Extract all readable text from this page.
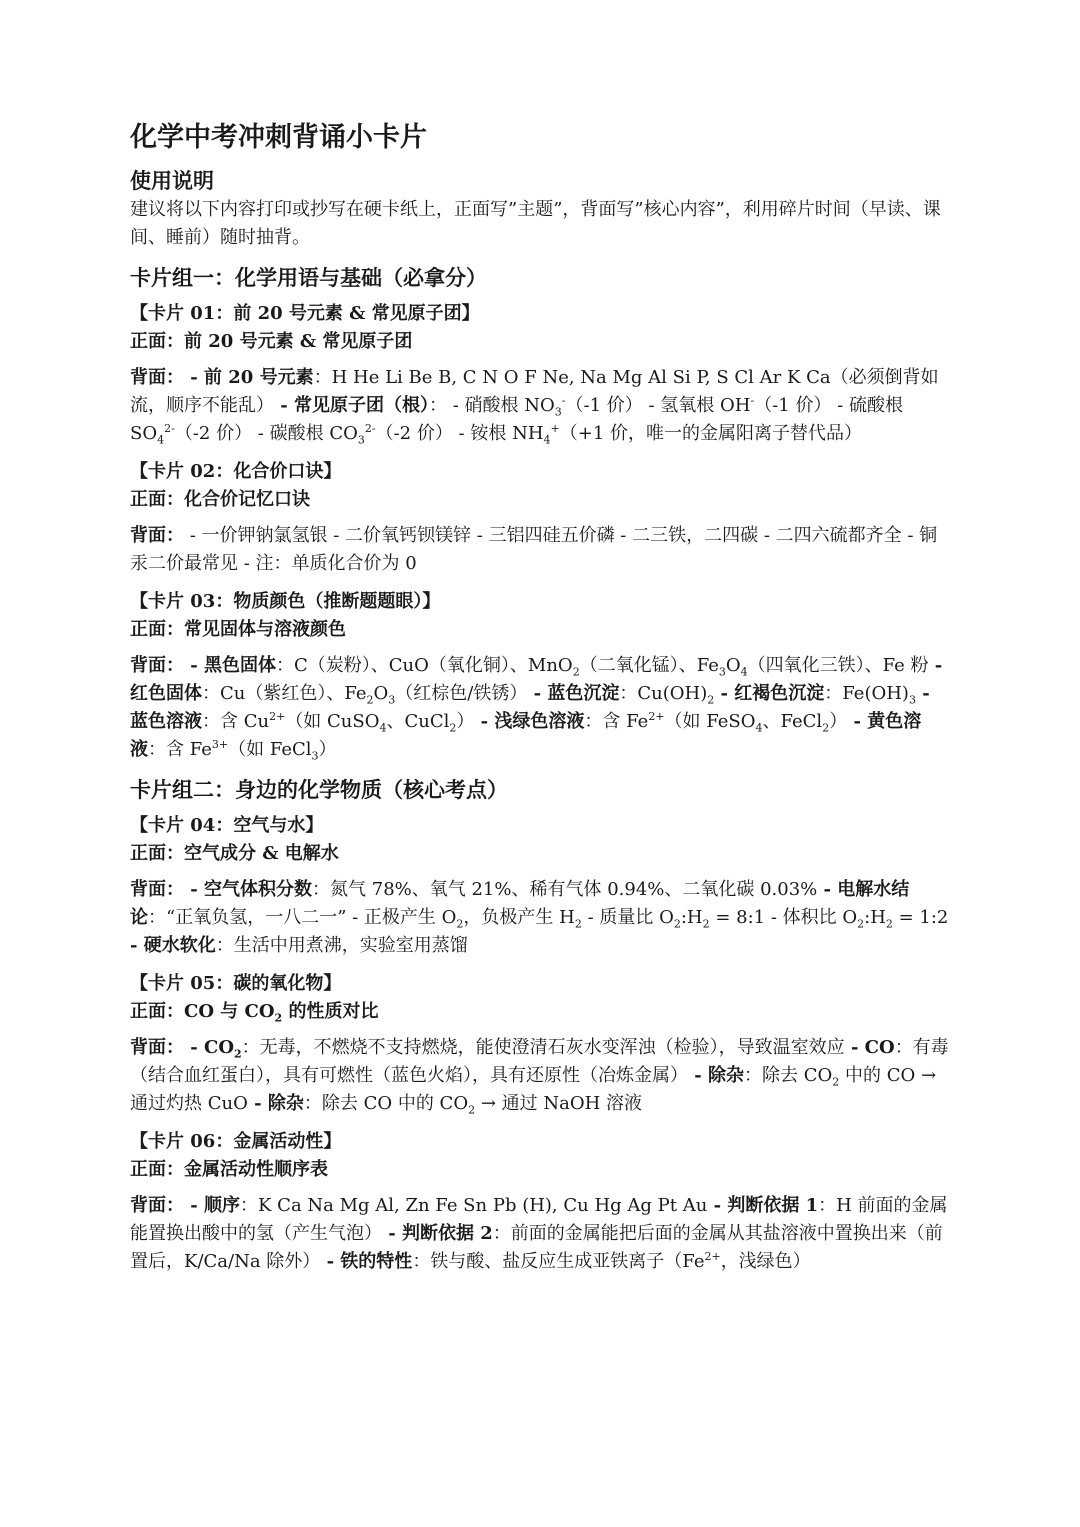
化学中考冲刺背诵小卡片
使用说明

建议将以下内容打印或抄写在硬卡纸上，正面写”主题”，背面写”核心内容”，利用碎片时间（早读、课间、睡前）随时抽背。

卡片组一：化学用语与基础（必拿分）
【卡片 01：前 20 号元素 & 常见原子团】
正面：前 20 号元素 & 常见原子团

背面： - 前 20 号元素：H He Li Be B, C N O F Ne, Na Mg Al Si P, S Cl Ar K Ca（必须倒背如流，顺序不能乱） - 常见原子团（根）： - 硝酸根 $NO_3^-(-1$ 价） - 氢氧根 OH-（-1 价） - 硫酸根 $SO_4^{2-}(-2$ 价） - 碳酸根 $CO_3^{2-}(-2$ 价） - 铵根 $NH_4^+(+1$ 价，唯一的金属阳离子替代品）

【卡片 02：化合价口诀】
正面：化合价记忆口诀

背面： - 一价钾钠氯氢银 - 二价氧钙钡镁锌 - 三铝四硅五价磷 - 二三铁，二四碳 - 二四六硫都齐全 - 铜汞二价最常见 - 注：单质化合价为 0

【卡片 03：物质颜色（推断题题眼）】
正面：常见固体与溶液颜色

背面： - 黑色固体：C（炭粉）、CuO（氧化铜）、MnO$_2$（二氧化锰）、$Fe_3O_4$（四氧化三铁）、Fe 粉 - 红色固体：Cu（紫红色）、$Fe_2O_3$（红棕色/铁锈） - 蓝色沉淀：$Cu(OH)_2$ - 红褐色沉淀：$Fe(OH)_3$ - 蓝色溶液：含 $Cu^{2+}$（如 CuSO$_4$、CuCl$_2$） - 浅绿色溶液：含 $Fe^{2+}$（如 FeSO$_4$、FeCl$_2$） - 黄色溶液：含 $Fe^{3+}$（如 FeCl$_3$）

卡片组二：身边的化学物质（核心考点）
【卡片 04：空气与水】
正面：空气成分 & 电解水

背面： - 空气体积分数：氮气 78%、氧气 21%、稀有气体 0.94%、二氧化碳 0.03% - 电解水结论：“正氧负氢，一八二一” - 正极产生 $O_2$，负极产生 $H_2$ - 质量比 $O_2:H_2$ = 8:1 - 体积比 $O_2:H_2$ = 1:2 - 硬水软化：生活中用煮沸，实验室用蒸馏

【卡片 05：碳的氧化物】
正面：CO 与 $CO_2$ 的性质对比

背面： - $CO_2$：无毒，不燃烧不支持燃烧，能使澄清石灰水变浑浊（检验），导致温室效应 - CO：有毒（结合血红蛋白），具有可燃性（蓝色火焰），具有还原性（冶炼金属） - 除杂：除去 $CO_2$ 中的 CO → 通过灼热 CuO - 除杂：除去 CO 中的 $CO_2$ → 通过 NaOH 溶液

【卡片 06：金属活动性】
正面：金属活动性顺序表

背面： - 顺序：K Ca Na Mg Al, Zn Fe Sn Pb (H), Cu Hg Ag Pt Au - 判断依据 1：H 前面的金属能置换出酸中的氢（产生气泡） - 判断依据 2：前面的金属能把后面的金属从其盐溶液中置换出来（前置后，K/Ca/Na 除外） - 铁的特性：铁与酸、盐反应生成亚铁离子（$Fe^{2+}$，浅绿色）
